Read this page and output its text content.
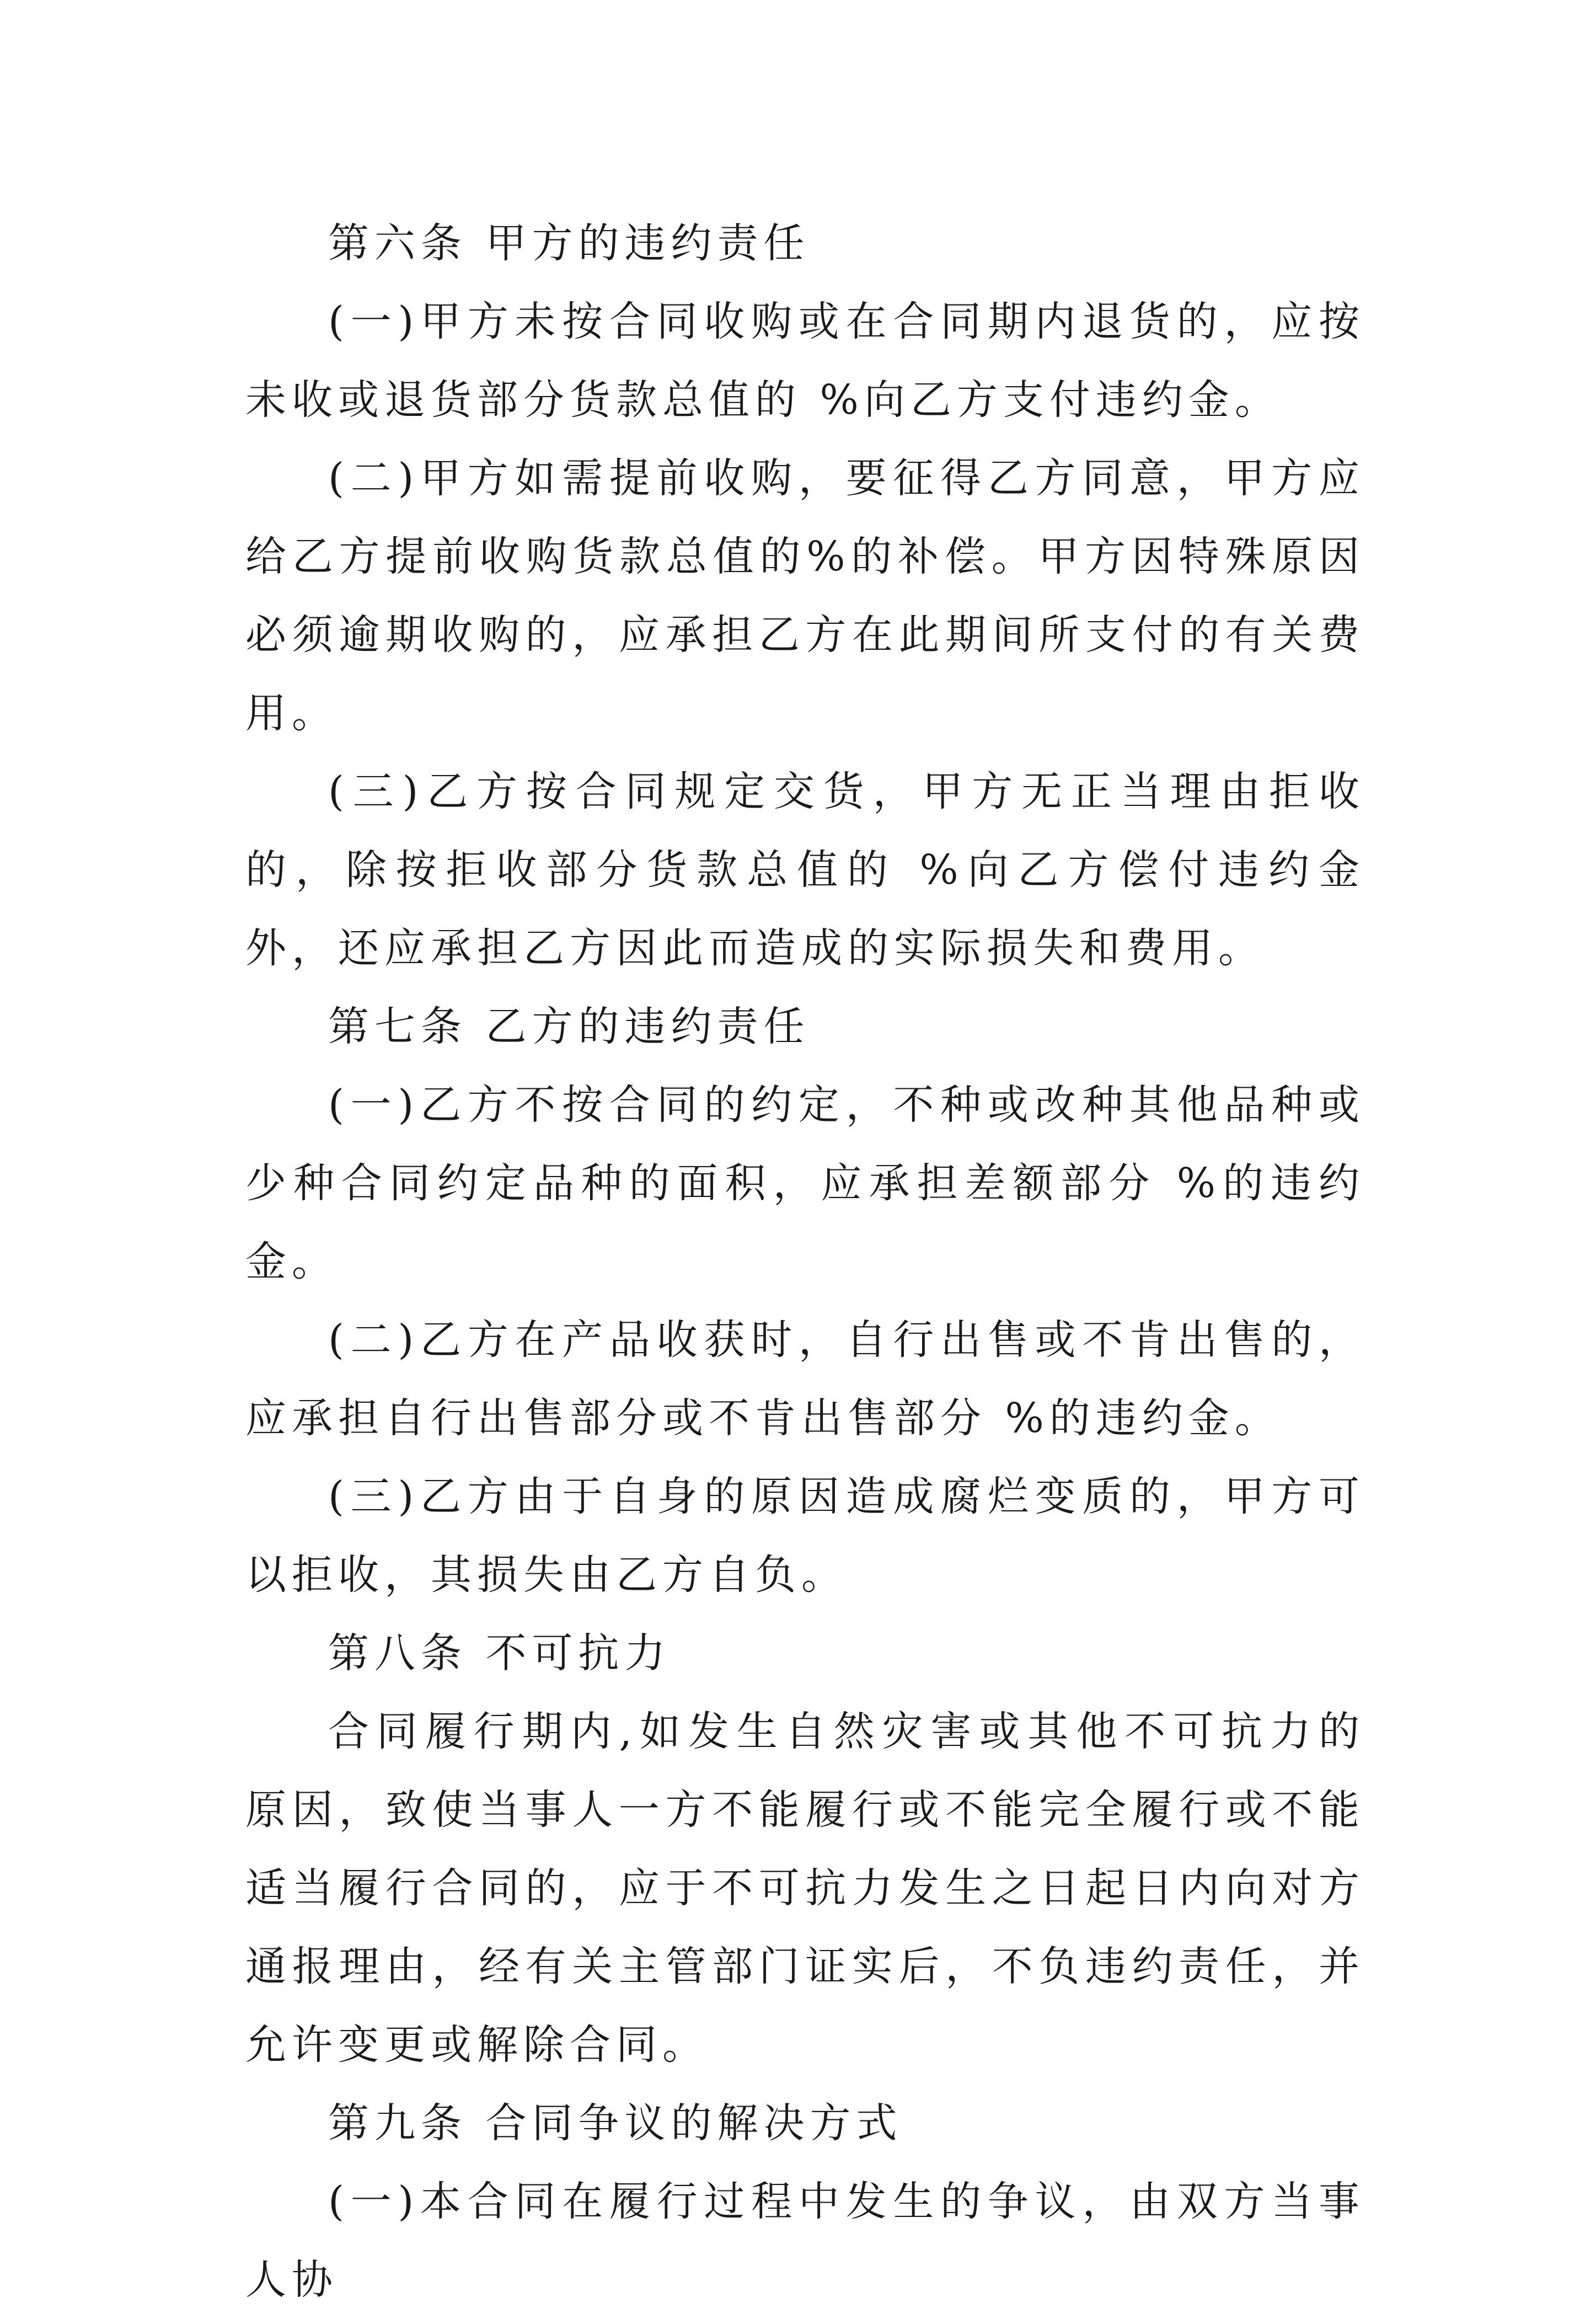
第六条 甲方的违约责任

(一)甲方未按合同收购或在合同期内退货的，应按未收或退货部分货款总值的 %向乙方支付违约金。

(二)甲方如需提前收购，要征得乙方同意，甲方应给乙方提前收购货款总值的%的补偿。甲方因特殊原因必须逾期收购的，应承担乙方在此期间所支付的有关费用。

(三)乙方按合同规定交货，甲方无正当理由拒收的，除按拒收部分货款总值的 %向乙方偿付违约金外，还应承担乙方因此而造成的实际损失和费用。

第七条 乙方的违约责任

(一)乙方不按合同的约定，不种或改种其他品种或少种合同约定品种的面积，应承担差额部分 %的违约金。

(二)乙方在产品收获时，自行出售或不肯出售的，应承担自行出售部分或不肯出售部分 %的违约金。

(三)乙方由于自身的原因造成腐烂变质的，甲方可以拒收，其损失由乙方自负。

第八条 不可抗力

合同履行期内,如发生自然灾害或其他不可抗力的原因，致使当事人一方不能履行或不能完全履行或不能适当履行合同的，应于不可抗力发生之日起日内向对方通报理由，经有关主管部门证实后，不负违约责任，并允许变更或解除合同。

第九条 合同争议的解决方式

(一)本合同在履行过程中发生的争议，由双方当事人协
